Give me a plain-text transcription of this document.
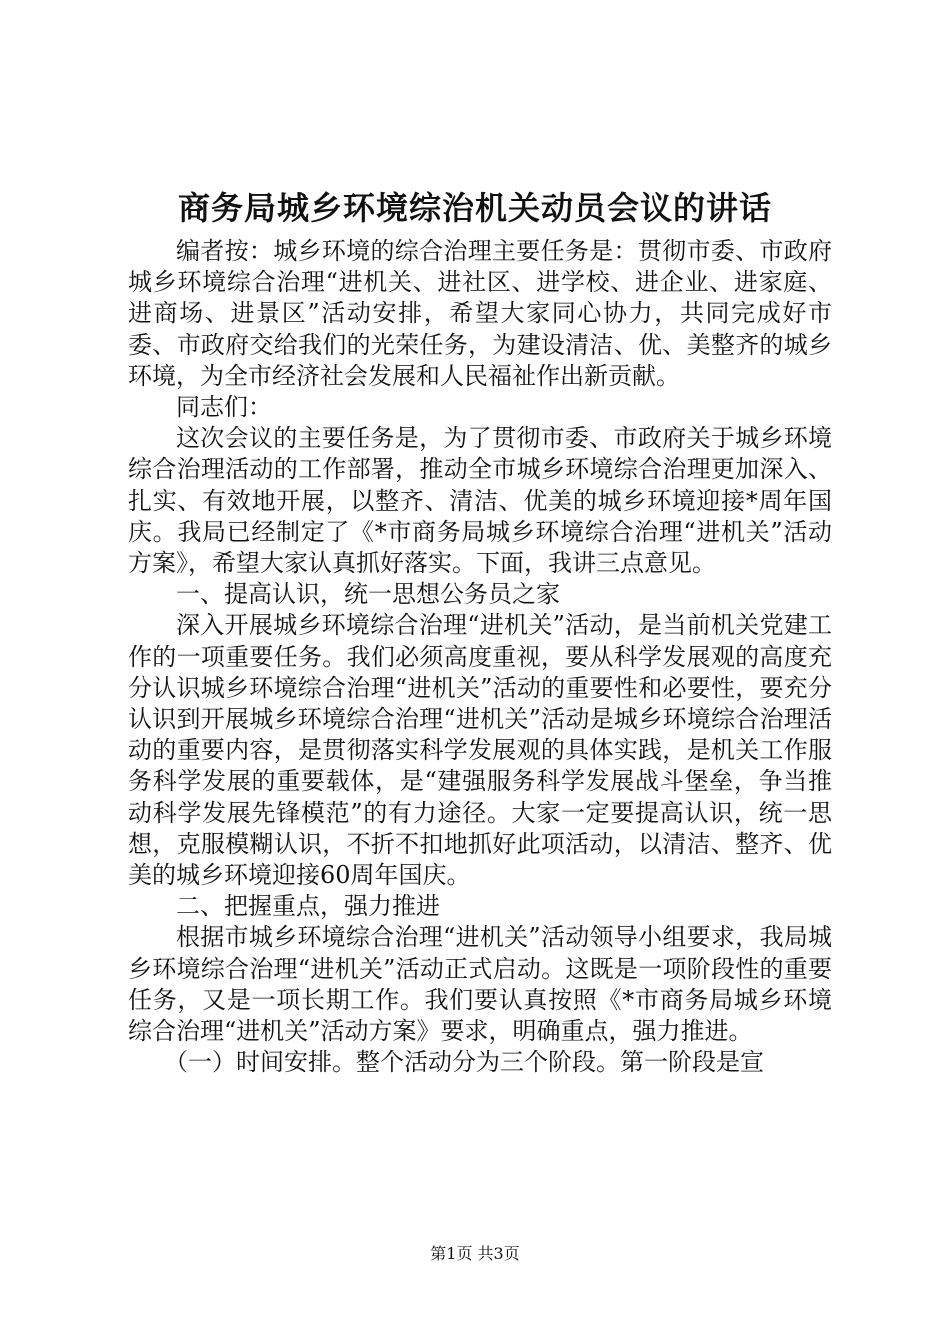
商务局城乡环境综治机关动员会议的讲话

编者按：城乡环境的综合治理主要任务是：贯彻市委、市政府城乡环境综合治理“进机关、进社区、进学校、进企业、进家庭、进商场、进景区”活动安排，希望大家同心协力，共同完成好市委、市政府交给我们的光荣任务，为建设清洁、优、美整齐的城乡环境，为全市经济社会发展和人民福祉作出新贡献。

同志们：

这次会议的主要任务是，为了贯彻市委、市政府关于城乡环境综合治理活动的工作部署，推动全市城乡环境综合治理更加深入、扎实、有效地开展，以整齐、清洁、优美的城乡环境迎接*周年国庆。我局已经制定了《*市商务局城乡环境综合治理“进机关”活动方案》，希望大家认真抓好落实。下面，我讲三点意见。

一、提高认识，统一思想公务员之家

深入开展城乡环境综合治理“进机关”活动，是当前机关党建工作的一项重要任务。我们必须高度重视，要从科学发展观的高度充分认识城乡环境综合治理“进机关”活动的重要性和必要性，要充分认识到开展城乡环境综合治理“进机关”活动是城乡环境综合治理活动的重要内容，是贯彻落实科学发展观的具体实践，是机关工作服务科学发展的重要载体，是“建强服务科学发展战斗堡垒，争当推动科学发展先锋模范”的有力途径。大家一定要提高认识，统一思想，克服模糊认识，不折不扣地抓好此项活动，以清洁、整齐、优美的城乡环境迎接60周年国庆。

二、把握重点，强力推进

根据市城乡环境综合治理“进机关”活动领导小组要求，我局城乡环境综合治理“进机关”活动正式启动。这既是一项阶段性的重要任务，又是一项长期工作。我们要认真按照《*市商务局城乡环境综合治理“进机关”活动方案》要求，明确重点，强力推进。

（一）时间安排。整个活动分为三个阶段。第一阶段是宣

第1页 共3页
